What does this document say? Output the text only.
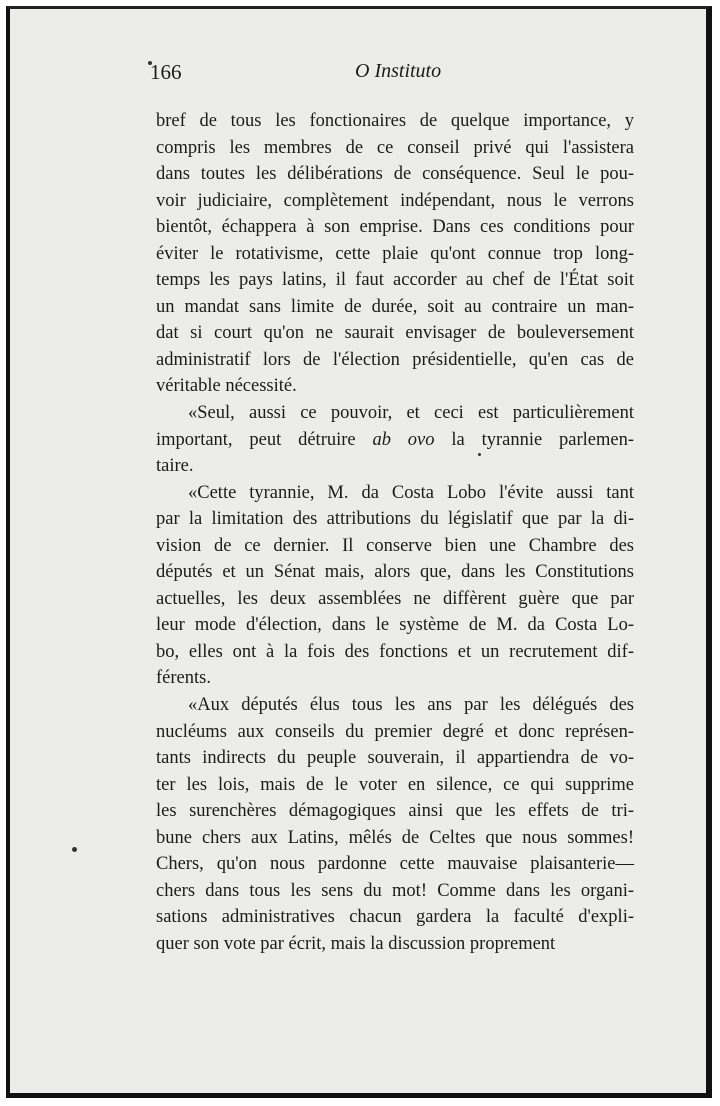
166	O Instituto
bref de tous les fonctionaires de quelque importance, y
compris les membres de ce conseil privé qui l'assistera
dans toutes les délibérations de conséquence. Seul le pou-
voir judiciaire, complètement indépendant, nous le verrons
bientôt, échappera à son emprise. Dans ces conditions pour
éviter le rotativisme, cette plaie qu'ont connue trop long-
temps les pays latins, il faut accorder au chef de l'État soit
un mandat sans limite de durée, soit au contraire un man-
dat si court qu'on ne saurait envisager de bouleversement
administratif lors de l'élection présidentielle, qu'en cas de
véritable nécessité.
«Seul, aussi ce pouvoir, et ceci est particulièrement
important, peut détruire ab ovo la tyrannie parlemen-
taire.
«Cette tyrannie, M. da Costa Lobo l'évite aussi tant
par la limitation des attributions du législatif que par la di-
vision de ce dernier. Il conserve bien une Chambre des
députés et un Sénat mais, alors que, dans les Constitutions
actuelles, les deux assemblées ne diffèrent guère que par
leur mode d'élection, dans le système de M. da Costa Lo-
bo, elles ont à la fois des fonctions et un recrutement dif-
férents.
«Aux députés élus tous les ans par les délégués des
nucléums aux conseils du premier degré et donc représen-
tants indirects du peuple souverain, il appartiendra de vo-
ter les lois, mais de le voter en silence, ce qui supprime
les surenchères démagogiques ainsi que les effets de tri-
bune chers aux Latins, mêlés de Celtes que nous sommes!
Chers, qu'on nous pardonne cette mauvaise plaisanterie—
chers dans tous les sens du mot! Comme dans les organi-
sations administratives chacun gardera la faculté d'expli-
quer son vote par écrit, mais la discussion proprement
